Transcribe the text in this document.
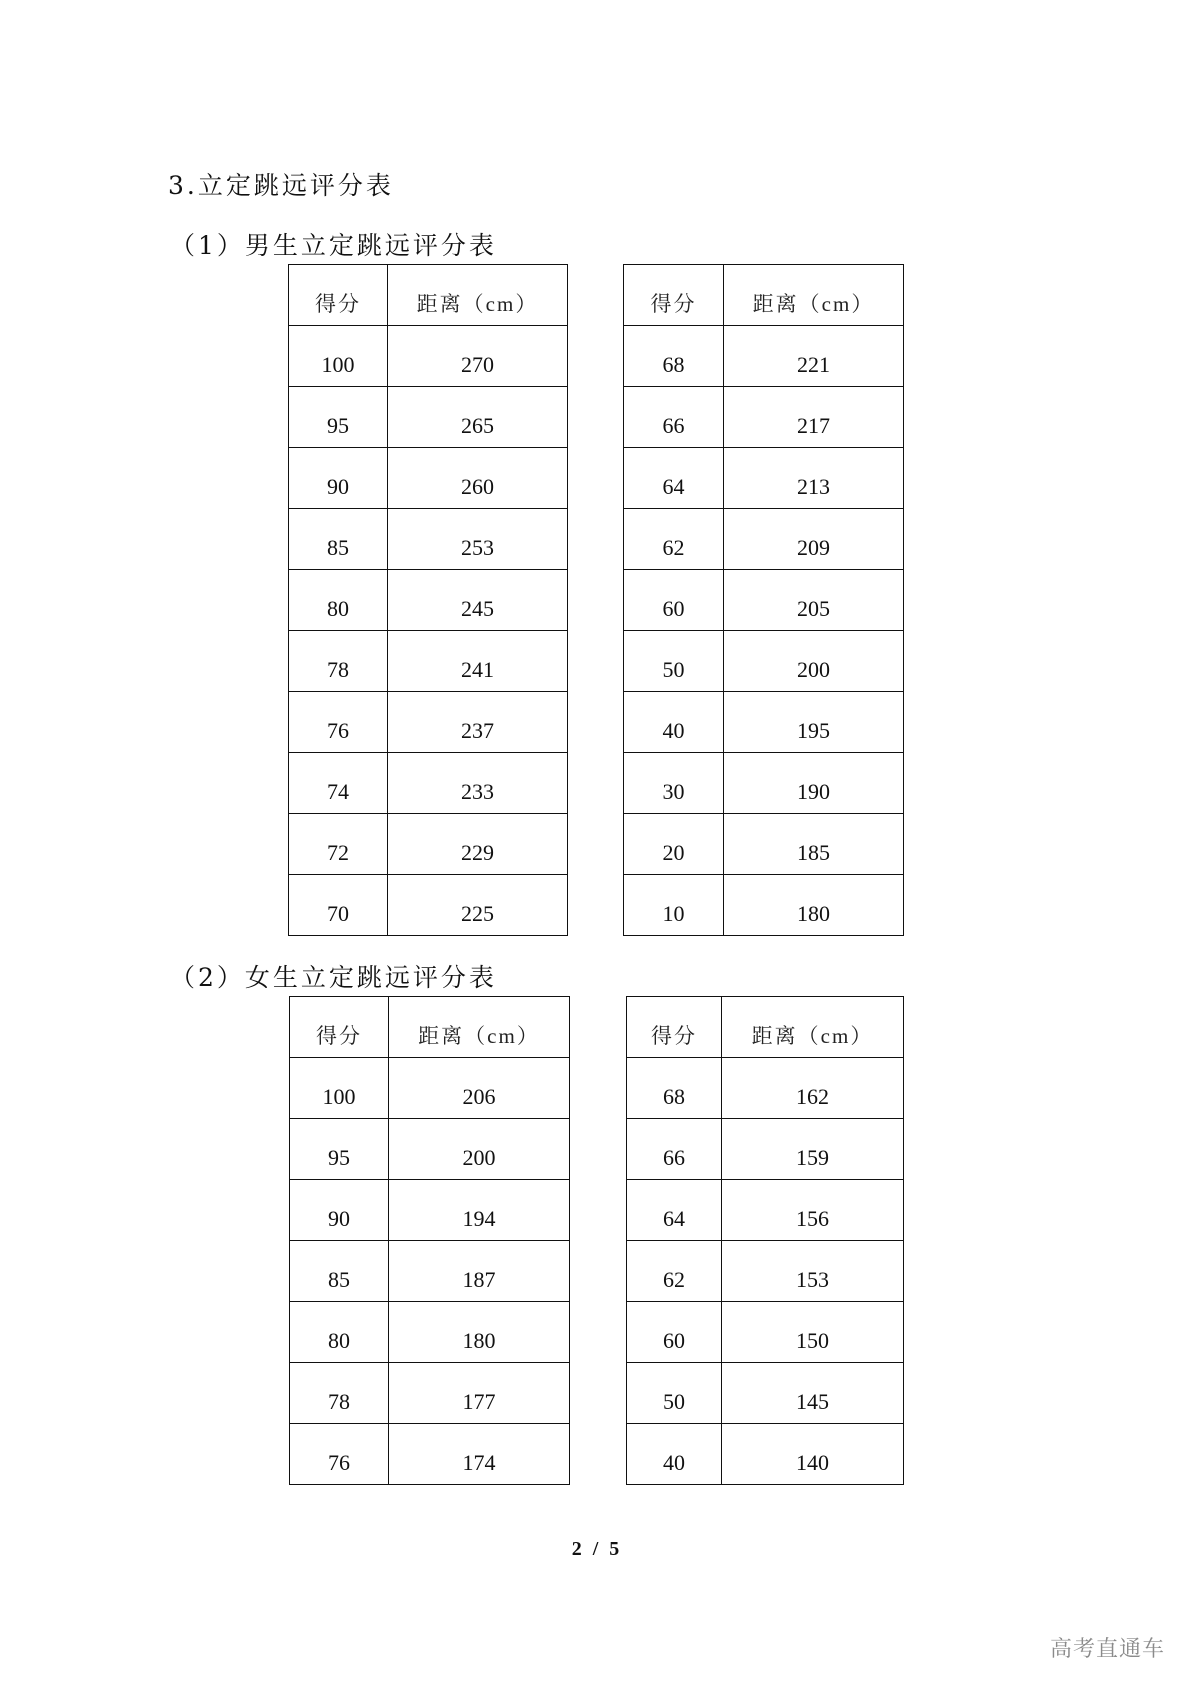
3.立定跳远评分表
（1）男生立定跳远评分表
得分	距离（cm）
100	270
95	265
90	260
85	253
80	245
78	241
76	237
74	233
72	229
70	225
得分	距离（cm）
68	221
66	217
64	213
62	209
60	205
50	200
40	195
30	190
20	185
10	180
（2）女生立定跳远评分表
得分	距离（cm）
100	206
95	200
90	194
85	187
80	180
78	177
76	174
得分	距离（cm）
68	162
66	159
64	156
62	153
60	150
50	145
40	140
2 / 5
高考直通车
